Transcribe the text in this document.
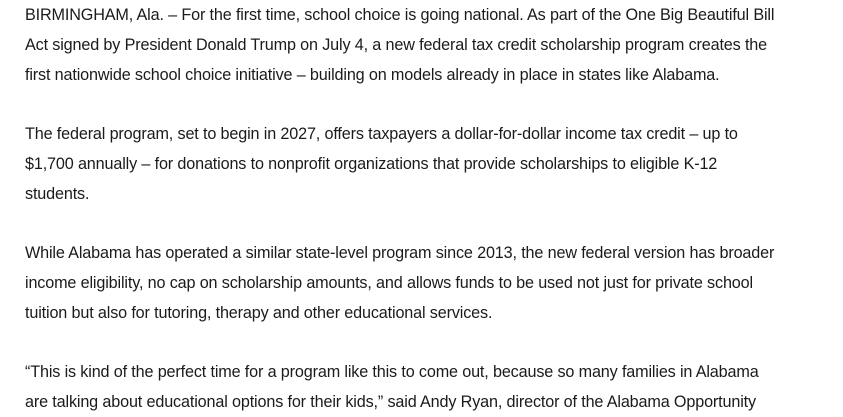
BIRMINGHAM, Ala. – For the first time, school choice is going national. As part of the One Big Beautiful Bill
Act signed by President Donald Trump on July 4, a new federal tax credit scholarship program creates the
first nationwide school choice initiative – building on models already in place in states like Alabama.

The federal program, set to begin in 2027, offers taxpayers a dollar-for-dollar income tax credit – up to
$1,700 annually – for donations to nonprofit organizations that provide scholarships to eligible K-12
students.

While Alabama has operated a similar state-level program since 2013, the new federal version has broader
income eligibility, no cap on scholarship amounts, and allows funds to be used not just for private school
tuition but also for tutoring, therapy and other educational services.

“This is kind of the perfect time for a program like this to come out, because so many families in Alabama
are talking about educational options for their kids,” said Andy Ryan, director of the Alabama Opportunity
